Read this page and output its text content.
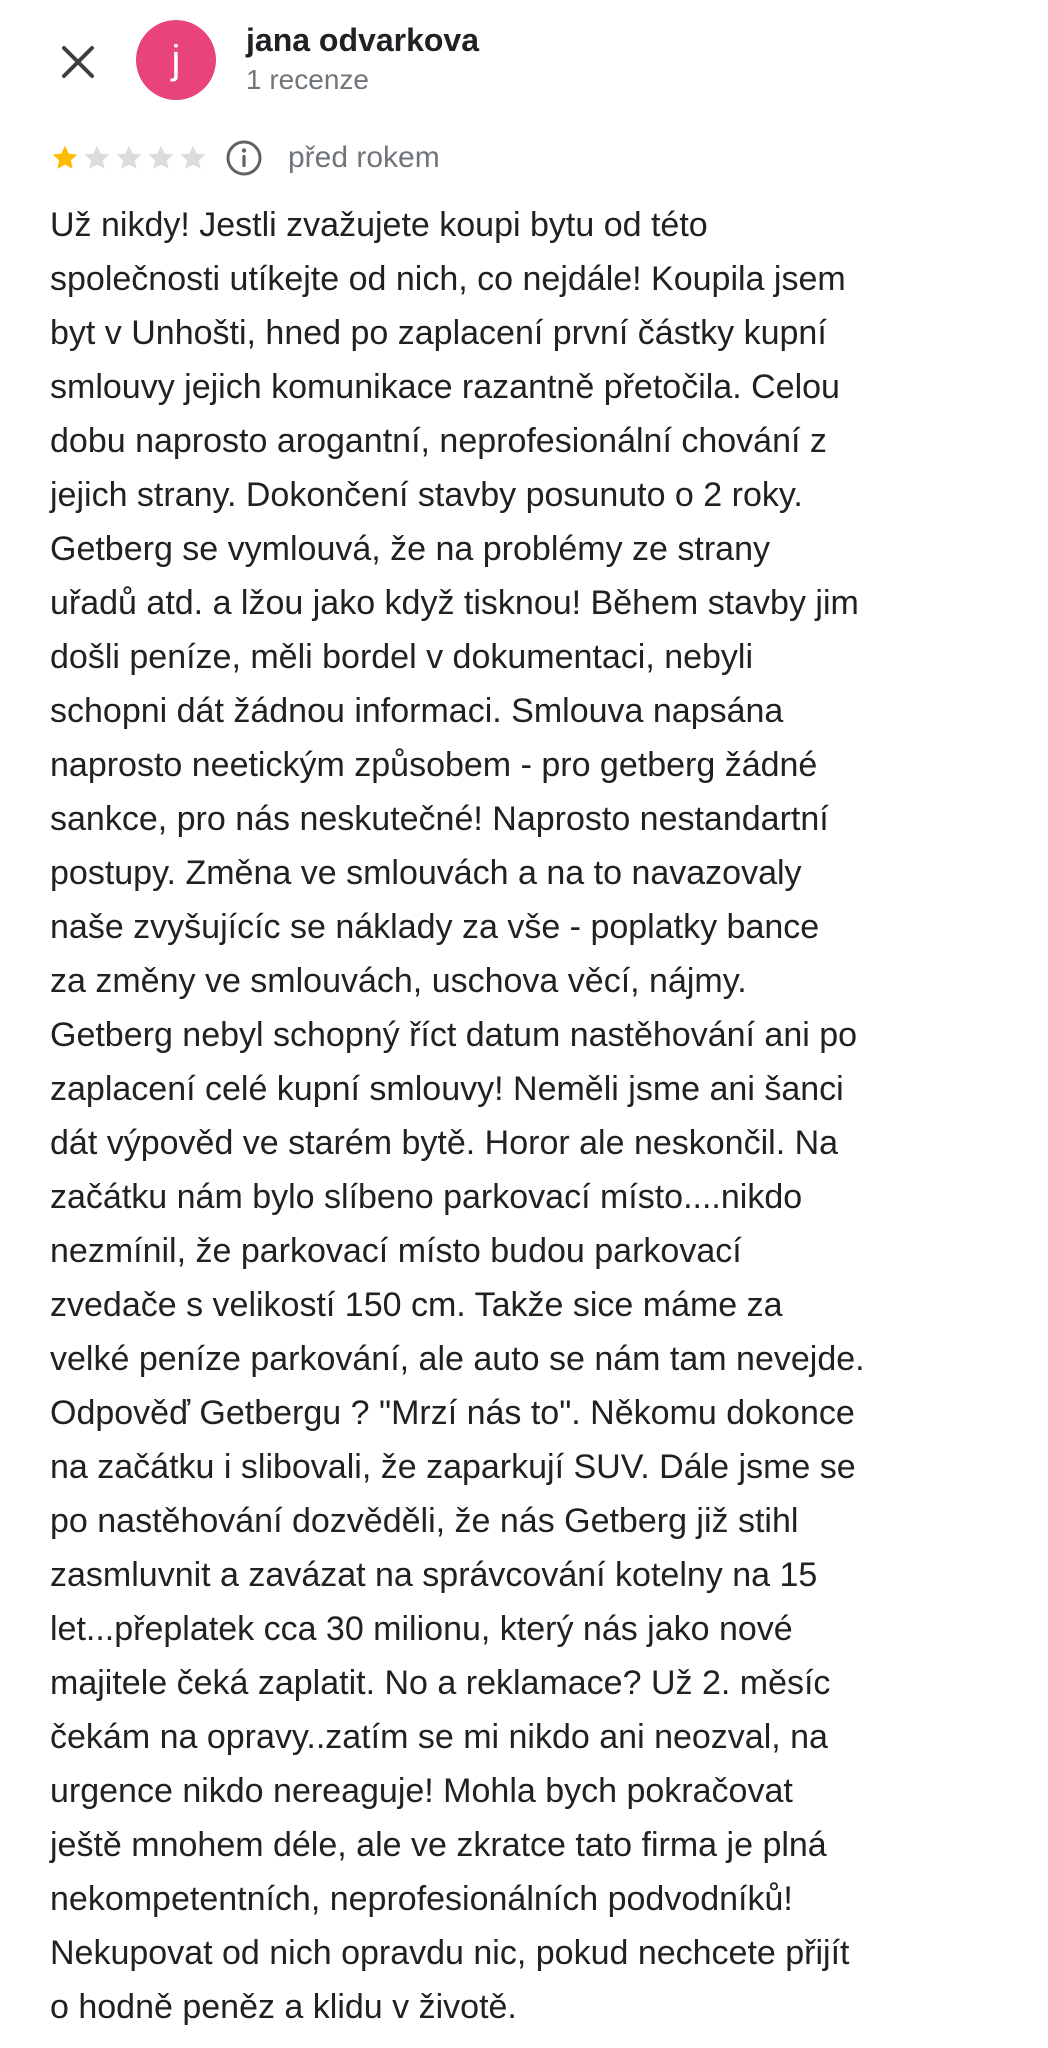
j jana odvarkova
1 recenze
před rokem

Už nikdy! Jestli zvažujete koupi bytu od této
společnosti utíkejte od nich, co nejdále! Koupila jsem
byt v Unhošti, hned po zaplacení první částky kupní
smlouvy jejich komunikace razantně přetočila. Celou
dobu naprosto arogantní, neprofesionální chování z
jejich strany. Dokončení stavby posunuto o 2 roky.
Getberg se vymlouvá, že na problémy ze strany
uřadů atd. a lžou jako když tisknou! Během stavby jim
došli peníze, měli bordel v dokumentaci, nebyli
schopni dát žádnou informaci. Smlouva napsána
naprosto neetickým způsobem - pro getberg žádné
sankce, pro nás neskutečné! Naprosto nestandartní
postupy. Změna ve smlouvách a na to navazovaly
naše zvyšujícíc se náklady za vše - poplatky bance
za změny ve smlouvách, uschova věcí, nájmy.
Getberg nebyl schopný říct datum nastěhování ani po
zaplacení celé kupní smlouvy! Neměli jsme ani šanci
dát výpověd ve starém bytě. Horor ale neskončil. Na
začátku nám bylo slíbeno parkovací místo....nikdo
nezmínil, že parkovací místo budou parkovací
zvedače s velikostí 150 cm. Takže sice máme za
velké peníze parkování, ale auto se nám tam nevejde.
Odpověď Getbergu ? "Mrzí nás to". Někomu dokonce
na začátku i slibovali, že zaparkují SUV. Dále jsme se
po nastěhování dozvěděli, že nás Getberg již stihl
zasmluvnit a zavázat na správcování kotelny na 15
let...přeplatek cca 30 milionu, který nás jako nové
majitele čeká zaplatit. No a reklamace? Už 2. měsíc
čekám na opravy..zatím se mi nikdo ani neozval, na
urgence nikdo nereaguje! Mohla bych pokračovat
ještě mnohem déle, ale ve zkratce tato firma je plná
nekompetentních, neprofesionálních podvodníků!
Nekupovat od nich opravdu nic, pokud nechcete přijít
o hodně peněz a klidu v životě.
